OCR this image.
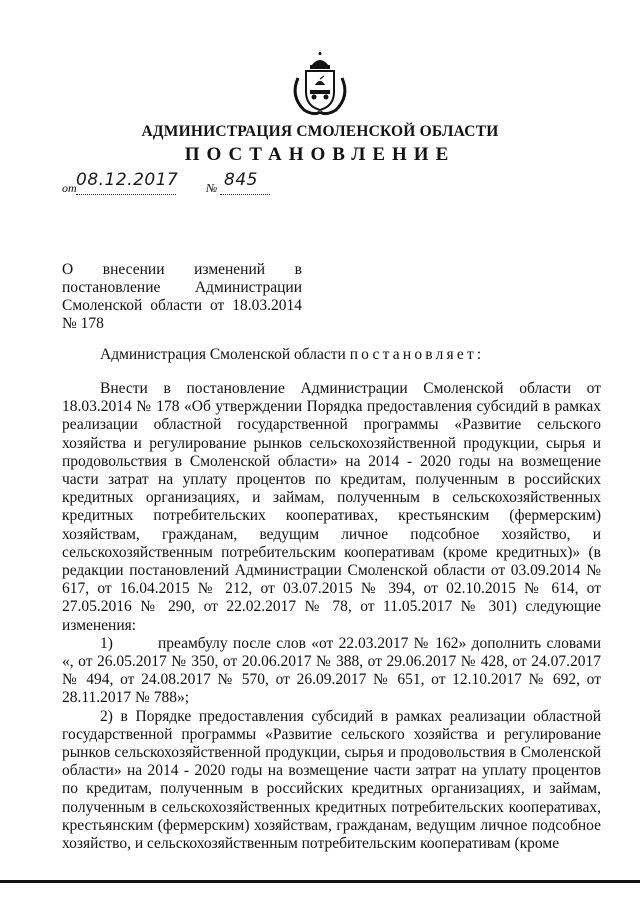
АДМИНИСТРАЦИЯ СМОЛЕНСКОЙ ОБЛАСТИ
ПОСТАНОВЛЕНИЕ
от 08.12.2017 № 845
О внесении изменений в
постановление Администрации
Смоленской области от 18.03.2014
№ 178
Администрация Смоленской области постановляет:

Внести в постановление Администрации Смоленской области от 18.03.2014 № 178 «Об утверждении Порядка предоставления субсидий в рамках реализации областной государственной программы «Развитие сельского хозяйства и регулирование рынков сельскохозяйственной продукции, сырья и продовольствия в Смоленской области» на 2014 - 2020 годы на возмещение части затрат на уплату процентов по кредитам, полученным в российских кредитных организациях, и займам, полученным в сельскохозяйственных кредитных потребительских кооперативах, крестьянским (фермерским) хозяйствам, гражданам, ведущим личное подсобное хозяйство, и сельскохозяйственным потребительским кооперативам (кроме кредитных)» (в редакции постановлений Администрации Смоленской области от 03.09.2014 № 617, от 16.04.2015 № 212, от 03.07.2015 № 394, от 02.10.2015 № 614, от 27.05.2016 № 290, от 22.02.2017 № 78, от 11.05.2017 № 301) следующие изменения:

1)	преамбулу после слов «от 22.03.2017 № 162» дополнить словами «, от 26.05.2017 № 350, от 20.06.2017 № 388, от 29.06.2017 № 428, от 24.07.2017 № 494, от 24.08.2017 № 570, от 26.09.2017 № 651, от 12.10.2017 № 692, от 28.11.2017 № 788»;

2) в Порядке предоставления субсидий в рамках реализации областной государственной программы «Развитие сельского хозяйства и регулирование рынков сельскохозяйственной продукции, сырья и продовольствия в Смоленской области» на 2014 - 2020 годы на возмещение части затрат на уплату процентов по кредитам, полученным в российских кредитных организациях, и займам, полученным в сельскохозяйственных кредитных потребительских кооперативах, крестьянским (фермерским) хозяйствам, гражданам, ведущим личное подсобное хозяйство, и сельскохозяйственным потребительским кооперативам (кроме
